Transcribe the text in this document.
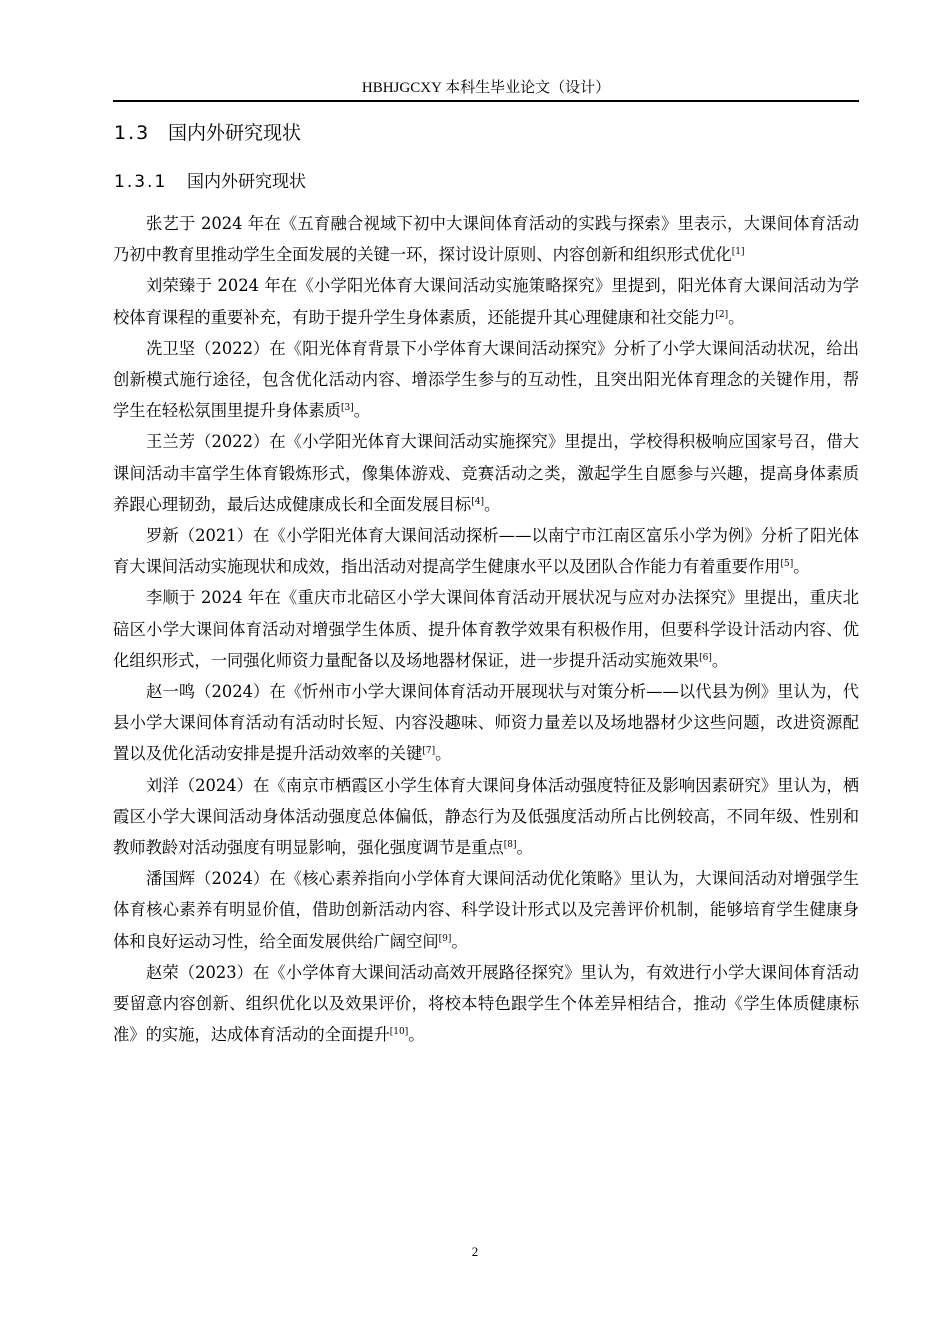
HBHJGCXY 本科生毕业论文（设计）
1.3 国内外研究现状
1.3.1 国内外研究现状

张艺于 2024 年在《五育融合视域下初中大课间体育活动的实践与探索》里表示，大课间体育活动乃初中教育里推动学生全面发展的关键一环，探讨设计原则、内容创新和组织形式优化[1]

刘荣臻于 2024 年在《小学阳光体育大课间活动实施策略探究》里提到，阳光体育大课间活动为学校体育课程的重要补充，有助于提升学生身体素质，还能提升其心理健康和社交能力[2]。

冼卫坚（2022）在《阳光体育背景下小学体育大课间活动探究》分析了小学大课间活动状况，给出创新模式施行途径，包含优化活动内容、增添学生参与的互动性，且突出阳光体育理念的关键作用，帮学生在轻松氛围里提升身体素质[3]。

王兰芳（2022）在《小学阳光体育大课间活动实施探究》里提出，学校得积极响应国家号召，借大课间活动丰富学生体育锻炼形式，像集体游戏、竞赛活动之类，激起学生自愿参与兴趣，提高身体素质养跟心理韧劲，最后达成健康成长和全面发展目标[4]。

罗新（2021）在《小学阳光体育大课间活动探析——以南宁市江南区富乐小学为例》分析了阳光体育大课间活动实施现状和成效，指出活动对提高学生健康水平以及团队合作能力有着重要作用[5]。

李顺于 2024 年在《重庆市北碚区小学大课间体育活动开展状况与应对办法探究》里提出，重庆北碚区小学大课间体育活动对增强学生体质、提升体育教学效果有积极作用，但要科学设计活动内容、优化组织形式，一同强化师资力量配备以及场地器材保证，进一步提升活动实施效果[6]。

赵一鸣（2024）在《忻州市小学大课间体育活动开展现状与对策分析——以代县为例》里认为，代县小学大课间体育活动有活动时长短、内容没趣味、师资力量差以及场地器材少这些问题，改进资源配置以及优化活动安排是提升活动效率的关键[7]。

刘洋（2024）在《南京市栖霞区小学生体育大课间身体活动强度特征及影响因素研究》里认为，栖霞区小学大课间活动身体活动强度总体偏低，静态行为及低强度活动所占比例较高，不同年级、性别和教师教龄对活动强度有明显影响，强化强度调节是重点[8]。

潘国辉（2024）在《核心素养指向小学体育大课间活动优化策略》里认为，大课间活动对增强学生体育核心素养有明显价值，借助创新活动内容、科学设计形式以及完善评价机制，能够培育学生健康身体和良好运动习性，给全面发展供给广阔空间[9]。

赵荣（2023）在《小学体育大课间活动高效开展路径探究》里认为，有效进行小学大课间体育活动要留意内容创新、组织优化以及效果评价，将校本特色跟学生个体差异相结合，推动《学生体质健康标准》的实施，达成体育活动的全面提升[10]。

2
